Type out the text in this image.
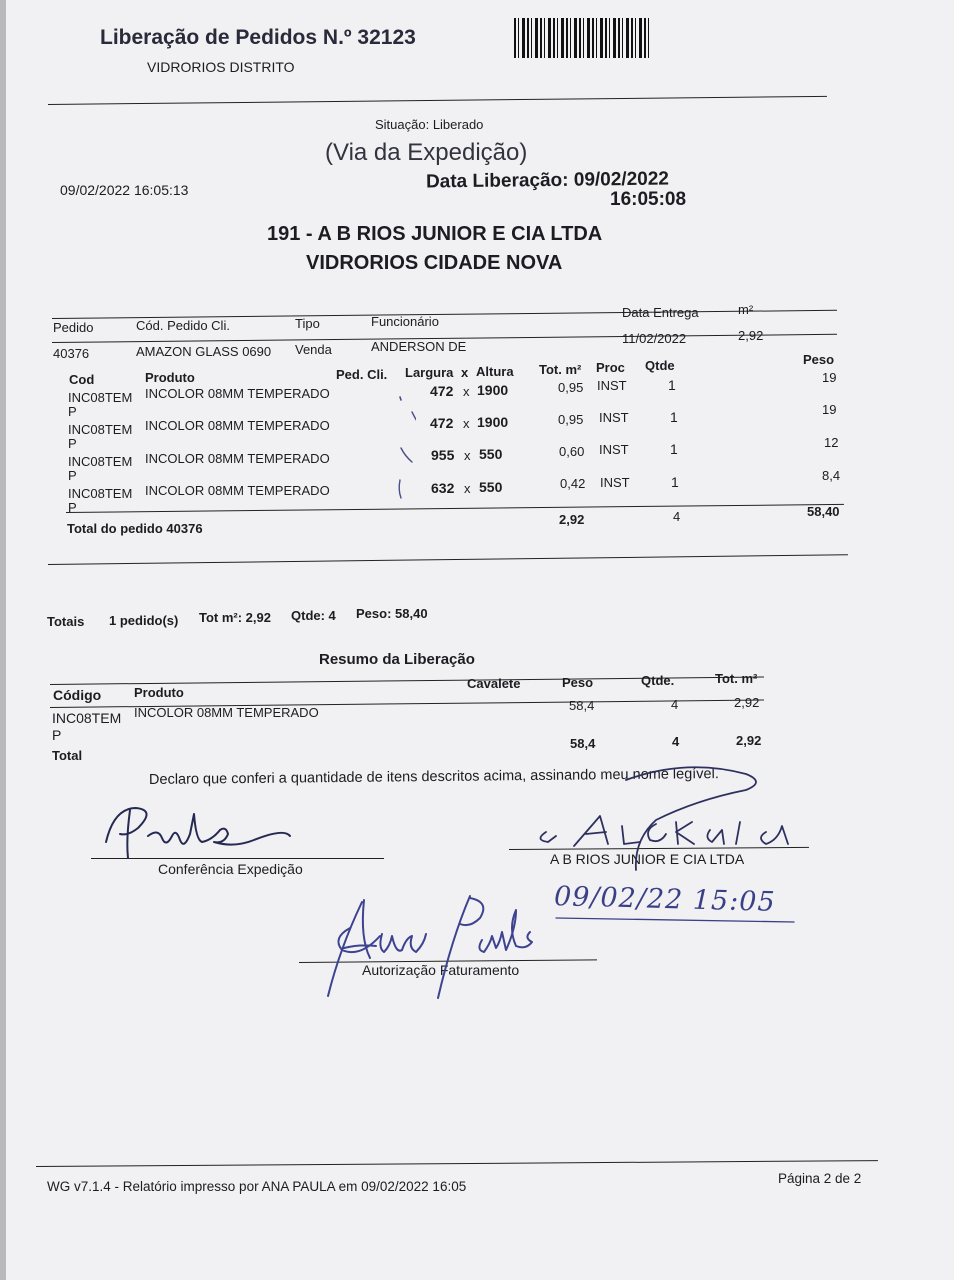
Liberação de Pedidos N.º 32123
VIDRORIOS DISTRITO
Situação: Liberado
(Via da Expedição)
09/02/2022 16:05:13	Data Liberação: 09/02/2022
16:05:08
191 - A B RIOS JUNIOR E CIA LTDA
VIDRORIOS CIDADE NOVA
Pedido	Cód. Pedido Cli.	Tipo	Funcionário
Data Entrega	m²
40376	AMAZON GLASS 0690 Venda	ANDERSON DE
11/02/2022	2,92
Cod	Produto	Ped. Cli. Largura x Altura Tot. m² Proc Qtde	Peso
INC08TEM
P
INCOLOR 08MM TEMPERADO	472 x 1900	0,95 INST	1	19
INC08TEM
P
INCOLOR 08MM TEMPERADO	472 x 1900	0,95 INST	1	19
INC08TEM
P
INCOLOR 08MM TEMPERADO	955 x 550	0,60 INST	1	12
INC08TEM
P
INCOLOR 08MM TEMPERADO	632 x 550	0,42 INST	1	8,4
Total do pedido 40376
2,92	4	58,40
Totais 1 pedido(s) Tot m²: 2,92 Qtde: 4 Peso: 58,40
Resumo da Liberação
Código	Produto
Cavalete	Peso	Qtde.	Tot. m²
INC08TEM
P
INCOLOR 08MM TEMPERADO	58,4	4	2,92
Total
58,4	4	2,92
Declaro que conferi a quantidade de itens descritos acima, assinando meu nome legível.
Conferência Expedição
A B RIOS JUNIOR E CIA LTDA
Autorização Faturamento
09/02/22 15:05
WG v7.1.4 - Relatório impresso por ANA PAULA em 09/02/2022 16:05
Página 2 de 2
